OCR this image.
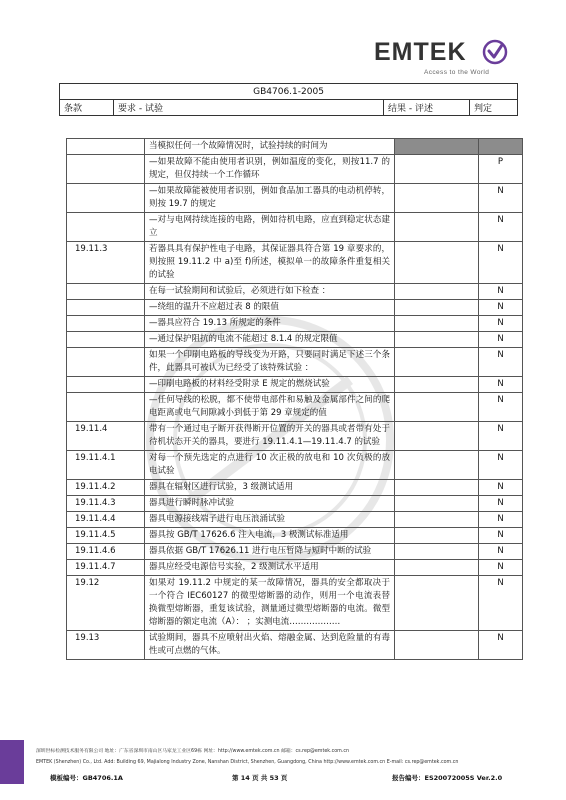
EMTEK
Access to the World
GB4706.1-2005
条款	要求 - 试验	结果 - 评述	判定
	当模拟任何一个故障情况时，试验持续的时间为		
	—如果故障不能由使用者识别，例如温度的变化，则按11.7 的规定，但仅持续一个工作循环		P
	—如果故障能被使用者识别，例如食品加工器具的电动机停转，则按 19.7 的规定		N
	—对与电网持续连接的电路，例如待机电路，应直到稳定状态建立		N
19.11.3	若器具具有保护性电子电路，其保证器具符合第 19 章要求的，则按照 19.11.2 中 a)至 f)所述，模拟单一的故障条件重复相关的试验		N
	在每一试验期间和试验后，必须进行如下检查 ：		N
	—绕组的温升不应超过表 8 的限值		N
	—器具应符合 19.13 所规定的条件		N
	—通过保护阻抗的电流不能超过 8.1.4 的规定限值		N
	如果一个印刷电路板的导线变为开路，只要同时满足下述三个条件，此器具可被认为已经受了该特殊试验 ：		N
	—印刷电路板的材料经受附录 E 规定的燃烧试验		N
	—任何导线的松脱，都不使带电部件和易触及金属部件之间的爬电距离或电气间隙减小到低于第 29 章规定的值		N
19.11.4	带有一个通过电子断开获得断开位置的开关的器具或者带有处于待机状态开关的器具，要进行 19.11.4.1—19.11.4.7 的试验		N
19.11.4.1	对每一个预先选定的点进行 10 次正极的放电和 10 次负极的放电试验		N
19.11.4.2	器具在辐射区进行试验，3 级测试适用		N
19.11.4.3	器具进行瞬时脉冲试验		N
19.11.4.4	器具电源接线端子进行电压浪涌试验		N
19.11.4.5	器具按 GB/T 17626.6 注入电流，3 极测试标准适用		N
19.11.4.6	器具依据 GB/T 17626.11 进行电压暂降与短时中断的试验		N
19.11.4.7	器具应经受电源信号实验，2 级测试水平适用		N
19.12	如果对 19.11.2 中规定的某一故障情况，器具的安全都取决于一个符合 IEC60127 的微型熔断器的动作，则用一个电流表替换微型熔断器，重复该试验，测量通过微型熔断器的电流。微型熔断器的额定电流（A）： ；实测电流………………		N
19.13	试验期间，器具不应喷射出火焰、熔融金属、达到危险量的有毒性或可点燃的气体。		N
深圳世标检测技术服务有限公司 地址：广东省深圳市南山区马家龙工业区69栋 网址：http://www.emtek.com.cn 邮箱：cs.rep@emtek.com.cn
EMTEK (Shenzhen) Co., Ltd. Add: Building 69, Majialong Industry Zone, Nanshan District, Shenzhen, Guangdong, China http://www.emtek.com.cn E-mail: cs.rep@emtek.com.cn
模板编号：GB4706.1A	第 14 页 共 53 页	报告编号：ES20072005S Ver.2.0
